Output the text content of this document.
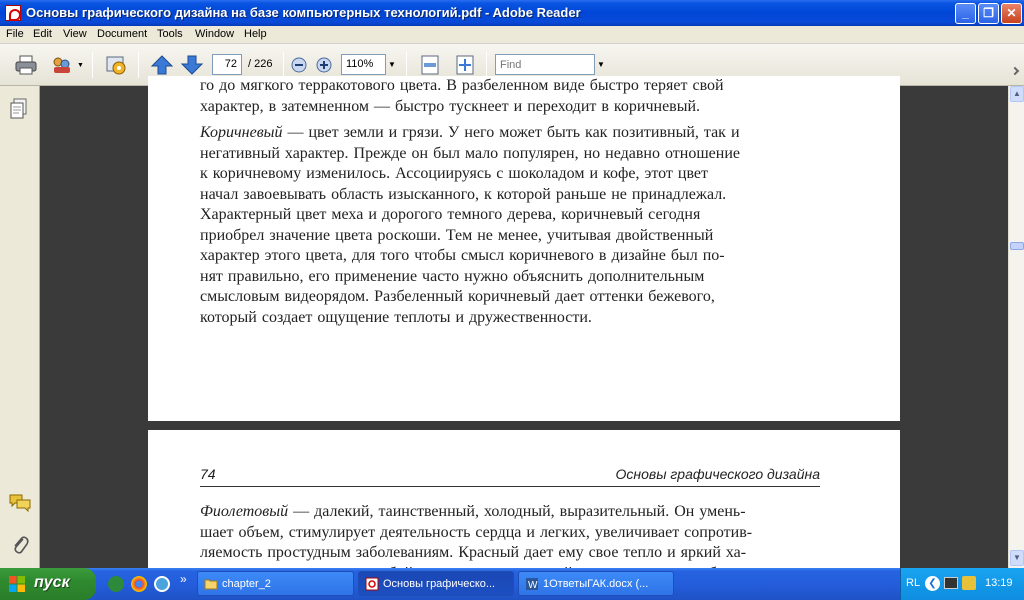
Основы графического дизайна на базе компьютерных технологий.pdf - Adobe Reader	_	❐	✕
File Edit View Document Tools Window Help
▼	72	/ 226	110%	▼
Find	▼

го до мягкого терракотового цвета. В разбеленном виде быстро теряет свой
характер, в затемненном — быстро тускнеет и переходит в коричневый.

Коричневый — цвет земли и грязи. У него может быть как позитивный, так и
негативный характер. Прежде он был мало популярен, но недавно отношение
к коричневому изменилось. Ассоциируясь с шоколадом и кофе, этот цвет
начал завоевывать область изысканного, к которой раньше не принадлежал.
Характерный цвет меха и дорогого темного дерева, коричневый сегодня
приобрел значение цвета роскоши. Тем не менее, учитывая двойственный
характер этого цвета, для того чтобы смысл коричневого в дизайне был по-
нят правильно, его применение часто нужно объяснить дополнительным
смысловым видеорядом. Разбеленный коричневый дает оттенки бежевого,
который создает ощущение теплоты и дружественности.

74	Основы графического дизайна

Фиолетовый — далекий, таинственный, холодный, выразительный. Он умень-
шает объем, стимулирует деятельность сердца и легких, увеличивает сопротив-
ляемость простудным заболеваниям. Красный дает ему свое тепло и яркий ха-

▲
▼
пуск	»	chapter_2	Основы графическо...	W 1ОтветыГАК.docx (...	RL ❮	13:19
